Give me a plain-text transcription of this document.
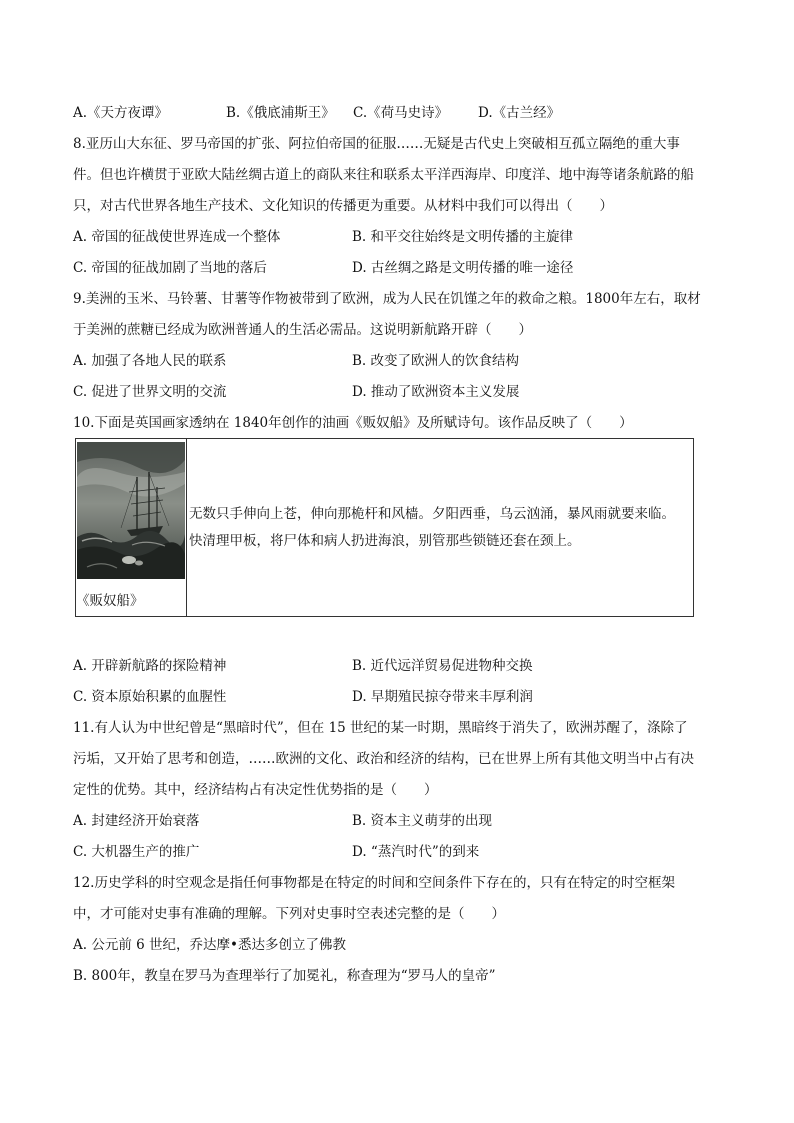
A.《天方夜谭》	B.《俄底浦斯王》 C.《荷马史诗》 D.《古兰经》
8.亚历山大东征、罗马帝国的扩张、阿拉伯帝国的征服……无疑是古代史上突破相互孤立隔绝的重大事
件。但也许横贯于亚欧大陆丝绸古道上的商队来往和联系太平洋西海岸、印度洋、地中海等诸条航路的船
只，对古代世界各地生产技术、文化知识的传播更为重要。从材料中我们可以得出（　　）
A. 帝国的征战使世界连成一个整体	B. 和平交往始终是文明传播的主旋律
C. 帝国的征战加剧了当地的落后	D. 古丝绸之路是文明传播的唯一途径
9.美洲的玉米、马铃薯、甘薯等作物被带到了欧洲，成为人民在饥馑之年的救命之粮。1800年左右，取材
于美洲的蔗糖已经成为欧洲普通人的生活必需品。这说明新航路开辟（　　）
A. 加强了各地人民的联系	B. 改变了欧洲人的饮食结构
C. 促进了世界文明的交流	D. 推动了欧洲资本主义发展
10.下面是英国画家透纳在 1840年创作的油画《贩奴船》及所赋诗句。该作品反映了（　　）
《贩奴船》

无数只手伸向上苍，伸向那桅杆和风樯。夕阳西垂，乌云汹涌，暴风雨就要来临。
快清理甲板，将尸体和病人扔进海浪，别管那些锁链还套在颈上。
A. 开辟新航路的探险精神	B. 近代远洋贸易促进物种交换
C. 资本原始积累的血腥性	D. 早期殖民掠夺带来丰厚利润
11.有人认为中世纪曾是“黑暗时代”，但在 15 世纪的某一时期，黑暗终于消失了，欧洲苏醒了，涤除了
污垢，又开始了思考和创造，……欧洲的文化、政治和经济的结构，已在世界上所有其他文明当中占有决
定性的优势。其中，经济结构占有决定性优势指的是（　　）
A. 封建经济开始衰落	B. 资本主义萌芽的出现
C. 大机器生产的推广	D. “蒸汽时代”的到来
12.历史学科的时空观念是指任何事物都是在特定的时间和空间条件下存在的，只有在特定的时空框架
中，才可能对史事有准确的理解。下列对史事时空表述完整的是（　　）
A. 公元前 6 世纪，乔达摩•悉达多创立了佛教
B. 800年，教皇在罗马为查理举行了加冕礼，称查理为“罗马人的皇帝”
